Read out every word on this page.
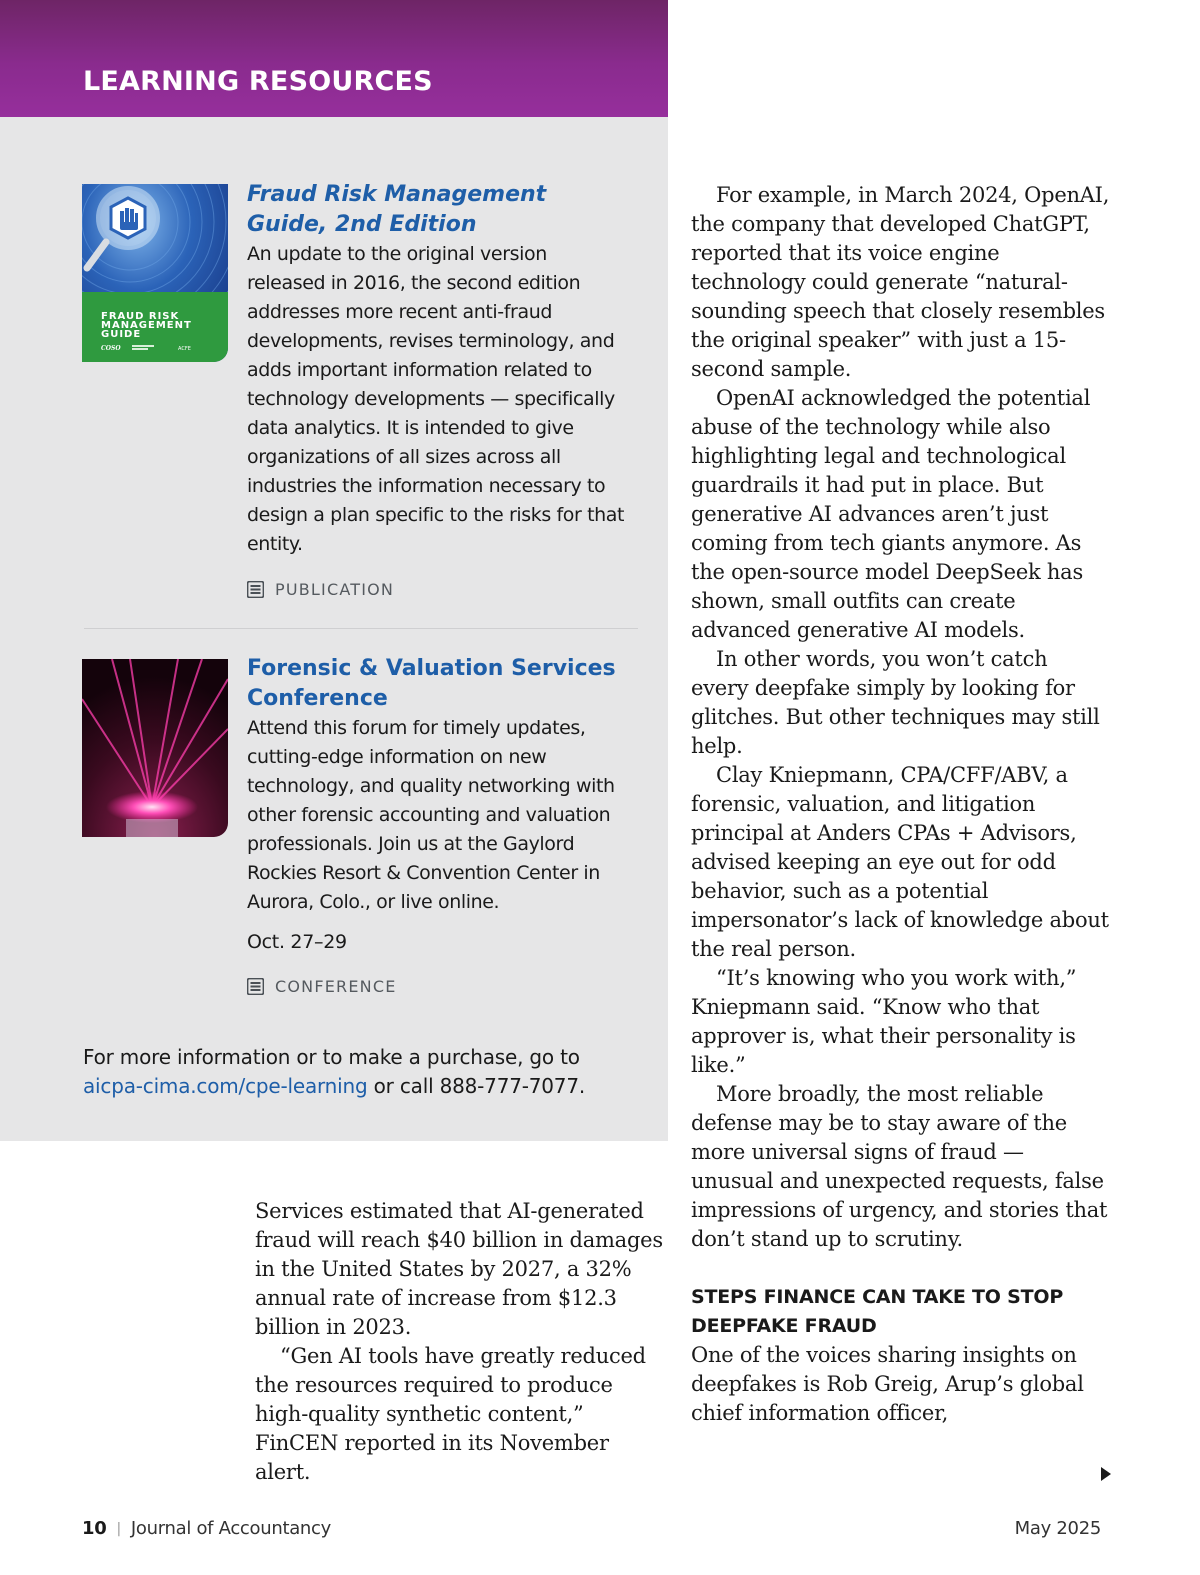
LEARNING RESOURCES
FRAUD RISK
MANAGEMENT
GUIDE
COSO	ACFE
Fraud Risk Management Guide, 2nd Edition

An update to the original version released in 2016, the second edition addresses more recent anti-fraud developments, revises terminology, and adds important information related to technology developments — specifically data analytics. It is intended to give organizations of all sizes across all industries the information necessary to design a plan specific to the risks for that entity.

PUBLICATION
Forensic & Valuation Services Conference

Attend this forum for timely updates, cutting-edge information on new technology, and quality networking with other forensic accounting and valuation professionals. Join us at the Gaylord Rockies Resort & Convention Center in Aurora, Colo., or live online.

Oct. 27–29

CONFERENCE

For more information or to make a purchase, go to aicpa-cima.com/cpe-learning or call 888-777-7077.

Services estimated that AI-generated fraud will reach $40 billion in damages in the United States by 2027, a 32% annual rate of increase from $12.3 billion in 2023.

“Gen AI tools have greatly reduced the resources required to produce high-quality synthetic content,” FinCEN reported in its November alert.

For example, in March 2024, OpenAI, the company that developed ChatGPT, reported that its voice engine technology could generate “natural-sounding speech that closely resembles the original speaker” with just a 15-second sample.

OpenAI acknowledged the potential abuse of the technology while also highlighting legal and technological guardrails it had put in place. But generative AI advances aren’t just coming from tech giants anymore. As the open-source model DeepSeek has shown, small outfits can create advanced generative AI models.

In other words, you won’t catch every deepfake simply by looking for glitches. But other techniques may still help.

Clay Kniepmann, CPA/CFF/ABV, a forensic, valuation, and litigation principal at Anders CPAs + Advisors, advised keeping an eye out for odd behavior, such as a potential impersonator’s lack of knowledge about the real person.

“It’s knowing who you work with,” Kniepmann said. “Know who that approver is, what their personality is like.”

More broadly, the most reliable defense may be to stay aware of the more universal signs of fraud — unusual and unexpected requests, false impressions of urgency, and stories that don’t stand up to scrutiny.

STEPS FINANCE CAN TAKE TO STOP DEEPFAKE FRAUD

One of the voices sharing insights on deepfakes is Rob Greig, Arup’s global chief information officer,

10 | Journal of Accountancy	May 2025
